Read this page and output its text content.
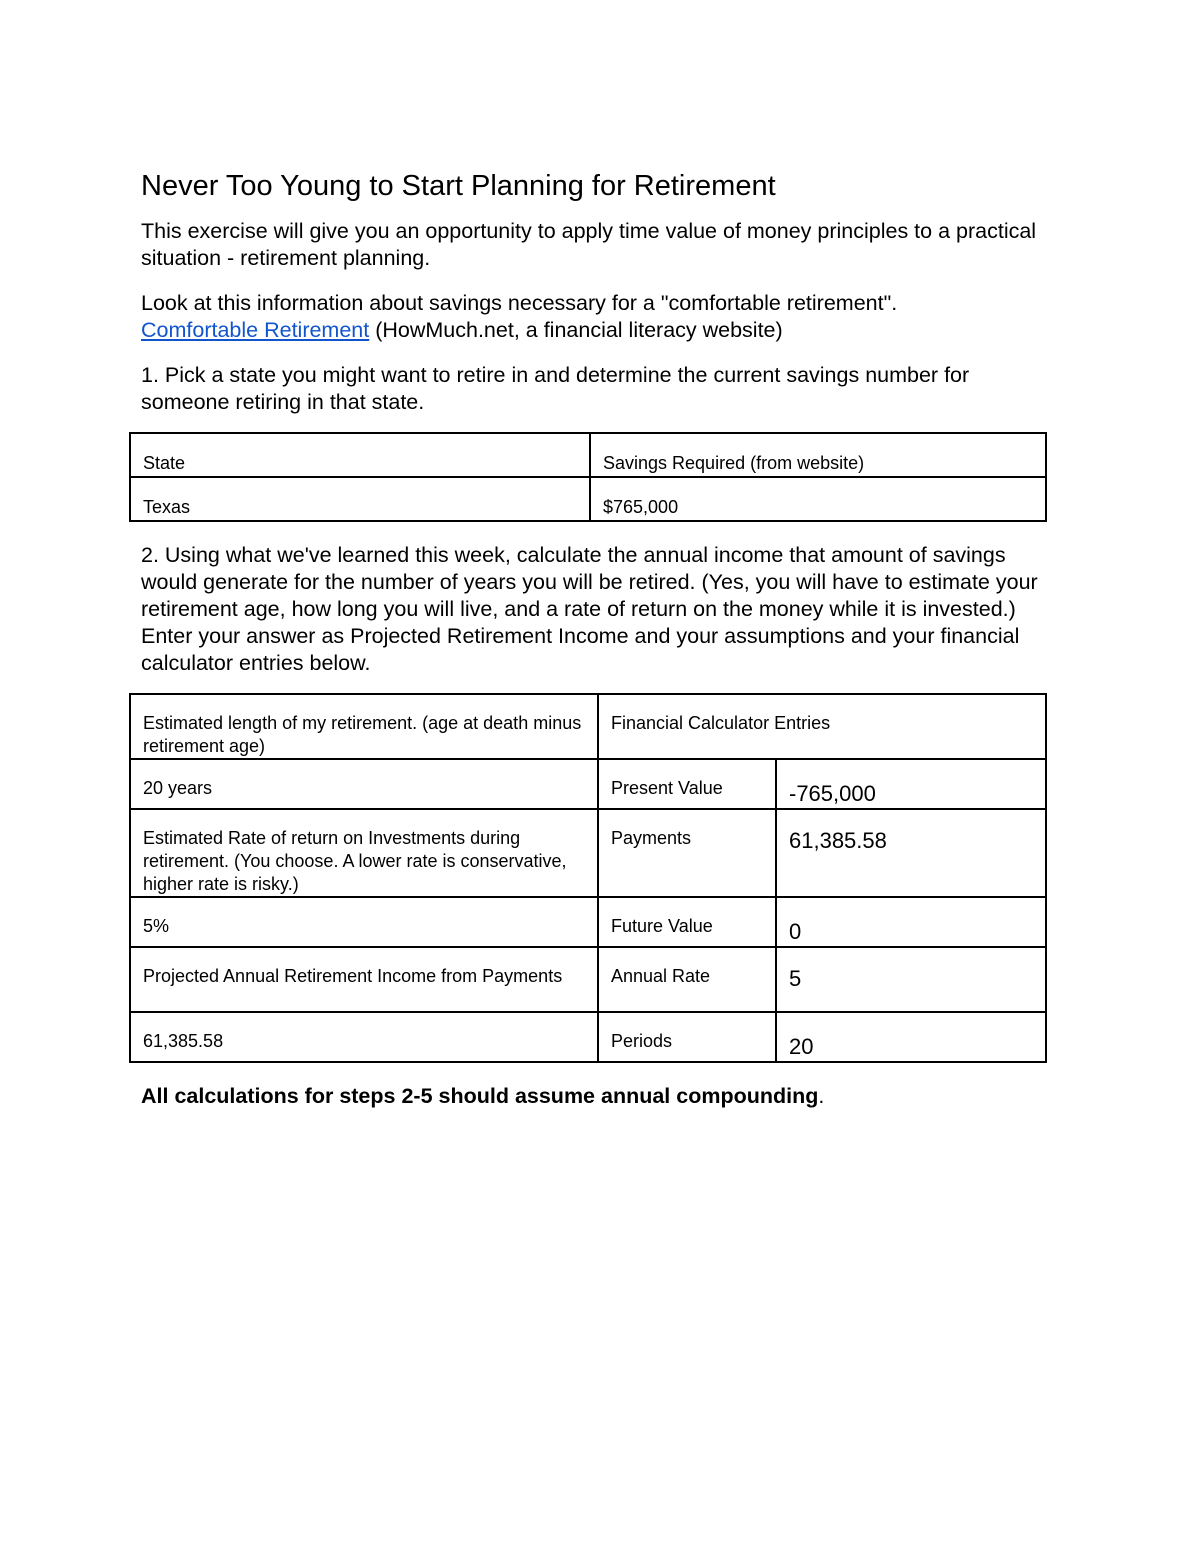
Never Too Young to Start Planning for Retirement

This exercise will give you an opportunity to apply time value of money principles to a practical situation - retirement planning.

Look at this information about savings necessary for a "comfortable retirement".
Comfortable Retirement (HowMuch.net, a financial literacy website)

1. Pick a state you might want to retire in and determine the current savings number for someone retiring in that state.

State	Savings Required (from website)
Texas	$765,000

2. Using what we've learned this week, calculate the annual income that amount of savings would generate for the number of years you will be retired. (Yes, you will have to estimate your retirement age, how long you will live, and a rate of return on the money while it is invested.) Enter your answer as Projected Retirement Income and your assumptions and your financial calculator entries below.

Estimated length of my retirement. (age at death minus retirement age)	Financial Calculator Entries	
20 years	Present Value	-765,000
Estimated Rate of return on Investments during retirement. (You choose. A lower rate is conservative, higher rate is risky.)	Payments	61,385.58
5%	Future Value	0
Projected Annual Retirement Income from Payments	Annual Rate	5
61,385.58	Periods	20

All calculations for steps 2-5 should assume annual compounding.
